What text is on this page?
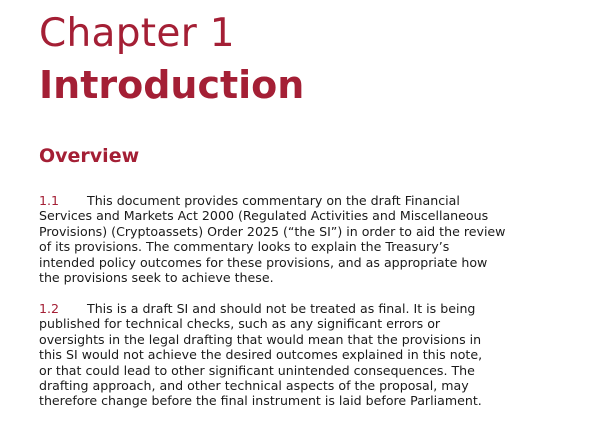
Chapter 1
Introduction
Overview
1.1 This document provides commentary on the draft Financial
Services and Markets Act 2000 (Regulated Activities and Miscellaneous
Provisions) (Cryptoassets) Order 2025 (“the SI”) in order to aid the review
of its provisions. The commentary looks to explain the Treasury’s
intended policy outcomes for these provisions, and as appropriate how
the provisions seek to achieve these.
1.2 This is a draft SI and should not be treated as final. It is being
published for technical checks, such as any significant errors or
oversights in the legal drafting that would mean that the provisions in
this SI would not achieve the desired outcomes explained in this note,
or that could lead to other significant unintended consequences. The
drafting approach, and other technical aspects of the proposal, may
therefore change before the final instrument is laid before Parliament.
